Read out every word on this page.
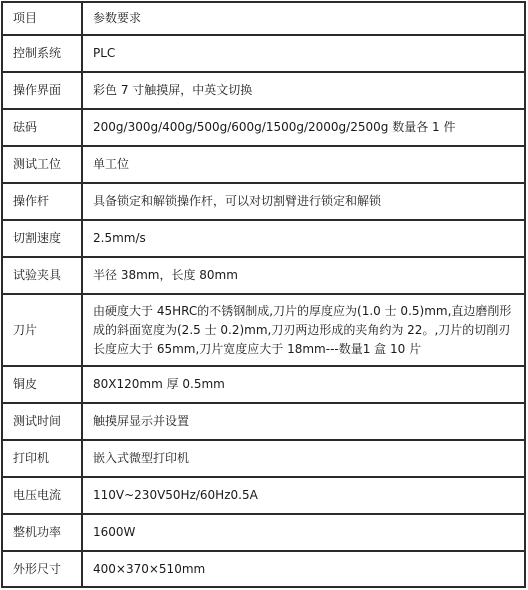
项目	参数要求
控制系统	PLC
操作界面	彩色 7 寸触摸屏，中英文切换
砝码	200g/300g/400g/500g/600g/1500g/2000g/2500g 数量各 1 件
测试工位	单工位
操作杆	具备锁定和解锁操作杆，可以对切割臂进行锁定和解锁
切割速度	2.5mm/s
试验夹具	半径 38mm，长度 80mm
刀片	由硬度大于 45HRC的不锈钢制成,刀片的厚度应为(1.0 士 0.5)mm,直边磨削形成的斜面宽度为(2.5 士 0.2)mm,刀刃两边形成的夹角约为 22。,刀片的切削刃长度应大于 65mm,刀片宽度应大于 18mm---数量1 盒 10 片
铜皮	80X120mm 厚 0.5mm
测试时间	触摸屏显示并设置
打印机	嵌入式微型打印机
电压电流	110V~230V50Hz/60Hz0.5A
整机功率	1600W
外形尺寸	400×370×510mm
